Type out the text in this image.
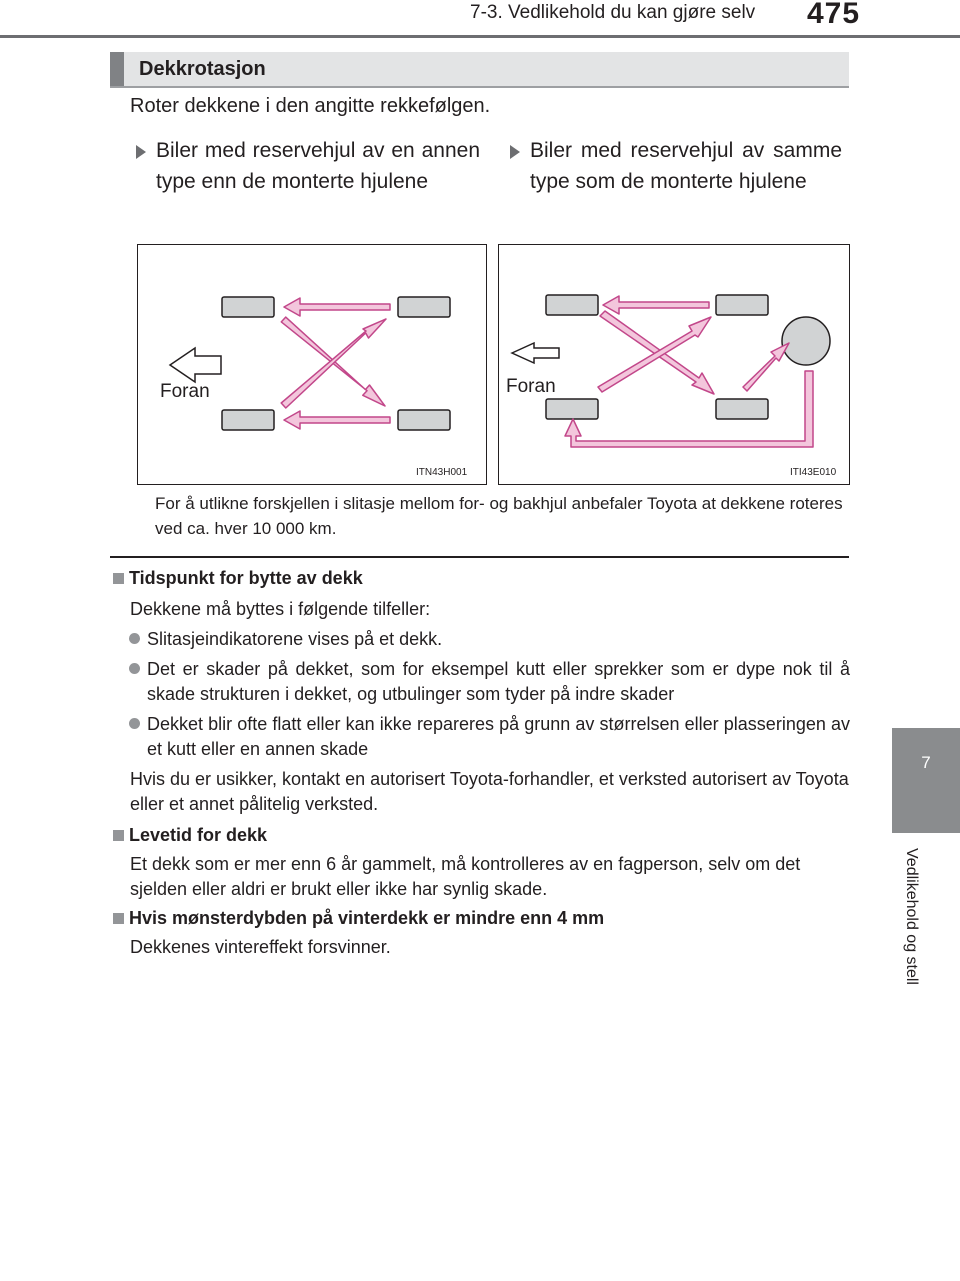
7-3. Vedlikehold du kan gjøre selv 475
7
Vedlikehold og stell
Dekkrotasjon
Roter dekkene i den angitte rekkefølgen.
Biler med reservehjul av en annen type enn de monterte hjulene
Biler med reservehjul av samme type som de monterte hjulene
Foran
ITN43H001
Foran
ITI43E010
For å utlikne forskjellen i slitasje mellom for- og bakhjul anbefaler Toyota at dekkene roteres ved ca. hver 10 000 km.
Tidspunkt for bytte av dekk
Dekkene må byttes i følgende tilfeller:
Slitasjeindikatorene vises på et dekk.
Det er skader på dekket, som for eksempel kutt eller sprekker som er dype nok til å skade strukturen i dekket, og utbulinger som tyder på indre skader
Dekket blir ofte flatt eller kan ikke repareres på grunn av størrelsen eller plasseringen av et kutt eller en annen skade
Hvis du er usikker, kontakt en autorisert Toyota-forhandler, et verksted autorisert av Toyota eller et annet pålitelig verksted.
Levetid for dekk
Et dekk som er mer enn 6 år gammelt, må kontrolleres av en fagperson, selv om det sjelden eller aldri er brukt eller ikke har synlig skade.
Hvis mønsterdybden på vinterdekk er mindre enn 4 mm
Dekkenes vintereffekt forsvinner.
